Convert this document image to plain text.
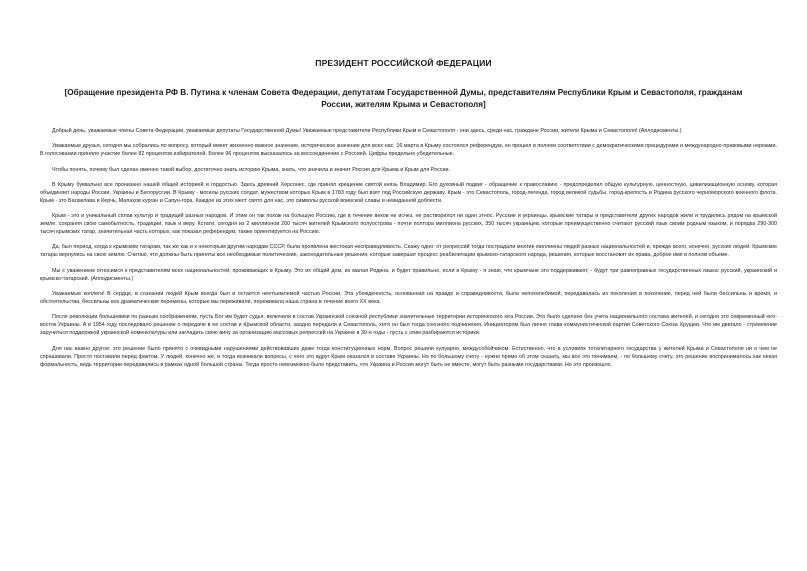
ПРЕЗИДЕНТ РОССИЙСКОЙ ФЕДЕРАЦИИ
[Обращение президента РФ В. Путина к членам Совета Федерации, депутатам Государственной Думы, представителям Республики Крым и Севастополя, гражданам России, жителям Крыма и Севастополя]

Добрый день, уважаемые члены Совета Федерации, уважаемые депутаты Государственной Думы! Уважаемые представители Республики Крым и Севастополя - они здесь, среди нас, граждане России, жители Крыма и Севастополя! (Аплодисменты.)

Уважаемые друзья, сегодня мы собрались по вопросу, который имеет жизненно важное значение, историческое значение для всех нас. 16 марта в Крыму состоялся референдум, он прошел в полном соответствии с демократическими процедурами и международно-правовыми нормами. В голосовании приняло участие более 82 процентов избирателей. Более 96 процентов высказалось за воссоединение с Россией. Цифры предельно убедительные.

Чтобы понять, почему был сделан именно такой выбор, достаточно знать историю Крыма, знать, что значила и значит Россия для Крыма и Крым для России.

В Крыму буквально все пронизано нашей общей историей и гордостью. Здесь древний Херсонес, где принял крещение святой князь Владимир. Его духовный подвиг - обращение к православию - предопределил общую культурную, ценностную, цивилизационную основу, которая объединяет народы России, Украины и Белоруссии. В Крыму - могилы русских солдат, мужеством которых Крым в 1783 году был взят под Российскую державу. Крым - это Севастополь, город-легенда, город великой судьбы, город-крепость и Родина русского черноморского военного флота. Крым - это Балаклава и Керчь, Малахов курган и Сапун-гора. Каждое из этих мест свято для нас, это символы русской воинской славы и невиданной доблести.

Крым - это и уникальный сплав культур и традиций разных народов. И этим он так похож на большую Россию, где в течение веков не исчез, не растворился ни один этнос. Русские и украинцы, крымские татары и представители других народов жили и трудились рядом на крымской земле, сохраняя свою самобытность, традиции, язык и веру. Кстати, сегодня из 2 миллионов 200 тысяч жителей Крымского полуострова - почти полтора миллиона русских, 350 тысяч украинцев, которые преимущественно считают русский язык своим родным языком, и порядка 290-300 тысяч крымских татар, значительная часть которых, как показал референдум, также ориентируется на Россию.

Да, был период, когда к крымским татарам, так же как и к некоторым другим народам СССР, была проявлена жестокая несправедливость. Скажу одно: от репрессий тогда пострадали многие миллионы людей разных национальностей и, прежде всего, конечно, русских людей. Крымские татары вернулись на свою землю. Считаю, что должны быть приняты все необходимые политические, законодательные решения, которые завершат процесс реабилитации крымско-татарского народа, решения, которые восстановят их права, доброе имя в полном объеме.

Мы с уважением относимся к представителям всех национальностей, проживающих в Крыму. Это их общий дом, их малая Родина, и будет правильно, если в Крыму - я знаю, что крымчане это поддерживают, - будут три равноправных государственных языка: русский, украинский и крымско-татарский. (Аплодисменты.)

Уважаемые коллеги! В сердце, в сознании людей Крым всегда был и остается неотъемлемой частью России. Эта убежденность, основанная на правде и справедливости, была непоколебимой, передавалась из поколения в поколение, перед ней были бессильны и время, и обстоятельства, бессильны все драматические перемены, которые мы переживали, переживала наша страна в течение всего XX века.

После революции большевики по разным соображениям, пусть Бог им будет судья, включили в состав Украинской союзной республики значительные территории исторического юга России. Это было сделано без учета национального состава жителей, и сегодня это современный юго-восток Украины. А в 1954 году последовало решение о передаче в ее состав и Крымской области, заодно передали и Севастополь, хотя он был тогда союзного подчинения. Инициатором был лично глава коммунистической партии Советского Союза Хрущев. Что им двигало - стремление заручиться поддержкой украинской номенклатуры или загладить свою вину за организацию массовых репрессий на Украине в 30-е годы - пусть с этим разбираются историки.

Для нас важно другое: это решение было принято с очевидными нарушениями действовавших даже тогда конституционных норм. Вопрос решили кулуарно, междусобойчиком. Естественно, что в условиях тоталитарного государства у жителей Крыма и Севастополя ни о чем не спрашивали. Просто поставили перед фактом. У людей, конечно же, и тогда возникали вопросы, с чего это вдруг Крым оказался в составе Украины. Но по большому счету - нужно прямо об этом сказать, мы все это понимаем, - по большому счету, это решение воспринималось как некая формальность, ведь территории передавались в рамках одной большой страны. Тогда просто невозможно было представить, что Украина и Россия могут быть не вместе, могут быть разными государствами. Но это произошло.
